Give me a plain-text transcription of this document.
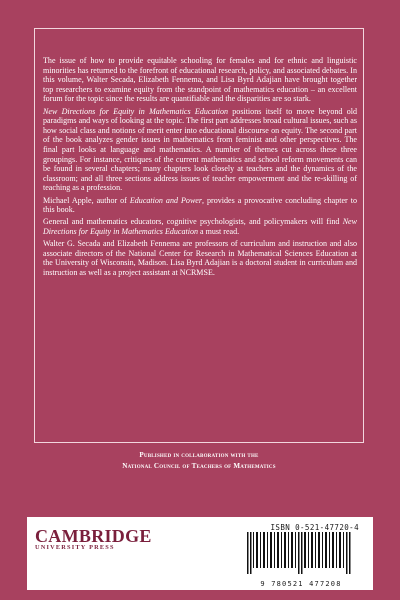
The issue of how to provide equitable schooling for females and for ethnic and linguistic minorities has returned to the forefront of educational research, policy, and associated debates. In this volume, Walter Secada, Elizabeth Fennema, and Lisa Byrd Adajian have brought together top researchers to examine equity from the standpoint of mathematics education – an excellent forum for the topic since the results are quantifiable and the disparities are so stark.

New Directions for Equity in Mathematics Education positions itself to move beyond old paradigms and ways of looking at the topic. The first part addresses broad cultural issues, such as how social class and notions of merit enter into educational discourse on equity. The second part of the book analyzes gender issues in mathematics from feminist and other perspectives. The final part looks at language and mathematics. A number of themes cut across these three groupings. For instance, critiques of the current mathematics and school reform movements can be found in several chapters; many chapters look closely at teachers and the dynamics of the classroom; and all three sections address issues of teacher empowerment and the re-skilling of teaching as a profession.

Michael Apple, author of Education and Power, provides a provocative concluding chapter to this book.

General and mathematics educators, cognitive psychologists, and policymakers will find New Directions for Equity in Mathematics Education a must read.

Walter G. Secada and Elizabeth Fennema are professors of curriculum and instruction and also associate directors of the National Center for Research in Mathematical Sciences Education at the University of Wisconsin, Madison. Lisa Byrd Adajian is a doctoral student in curriculum and instruction as well as a project assistant at NCRMSE.

Published in collaboration with the
National Council of Teachers of Mathematics
CAMBRIDGE
UNIVERSITY PRESS
ISBN 0-521-47720-4
9 780521 477208
